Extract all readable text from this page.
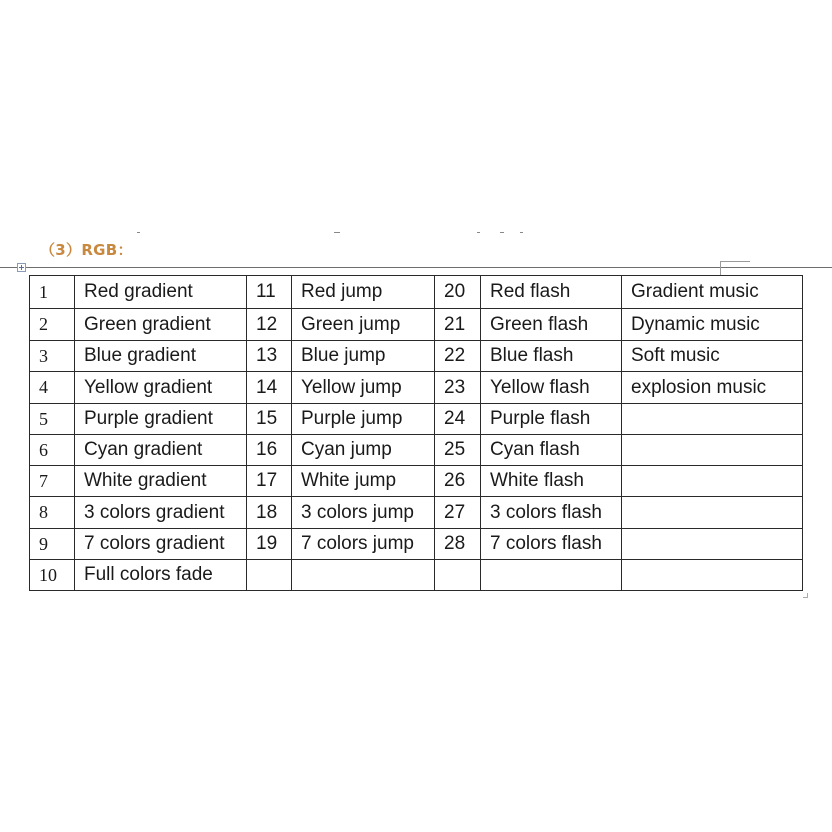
（3）RGB：
1	Red gradient	11	Red jump	20	Red flash	Gradient music
2	Green gradient	12	Green jump	21	Green flash	Dynamic music
3	Blue gradient	13	Blue jump	22	Blue flash	Soft music
4	Yellow gradient	14	Yellow jump	23	Yellow flash	explosion music
5	Purple gradient	15	Purple jump	24	Purple flash	
6	Cyan gradient	16	Cyan jump	25	Cyan flash	
7	White gradient	17	White jump	26	White flash	
8	3 colors gradient	18	3 colors jump	27	3 colors flash	
9	7 colors gradient	19	7 colors jump	28	7 colors flash	
10	Full colors fade					
